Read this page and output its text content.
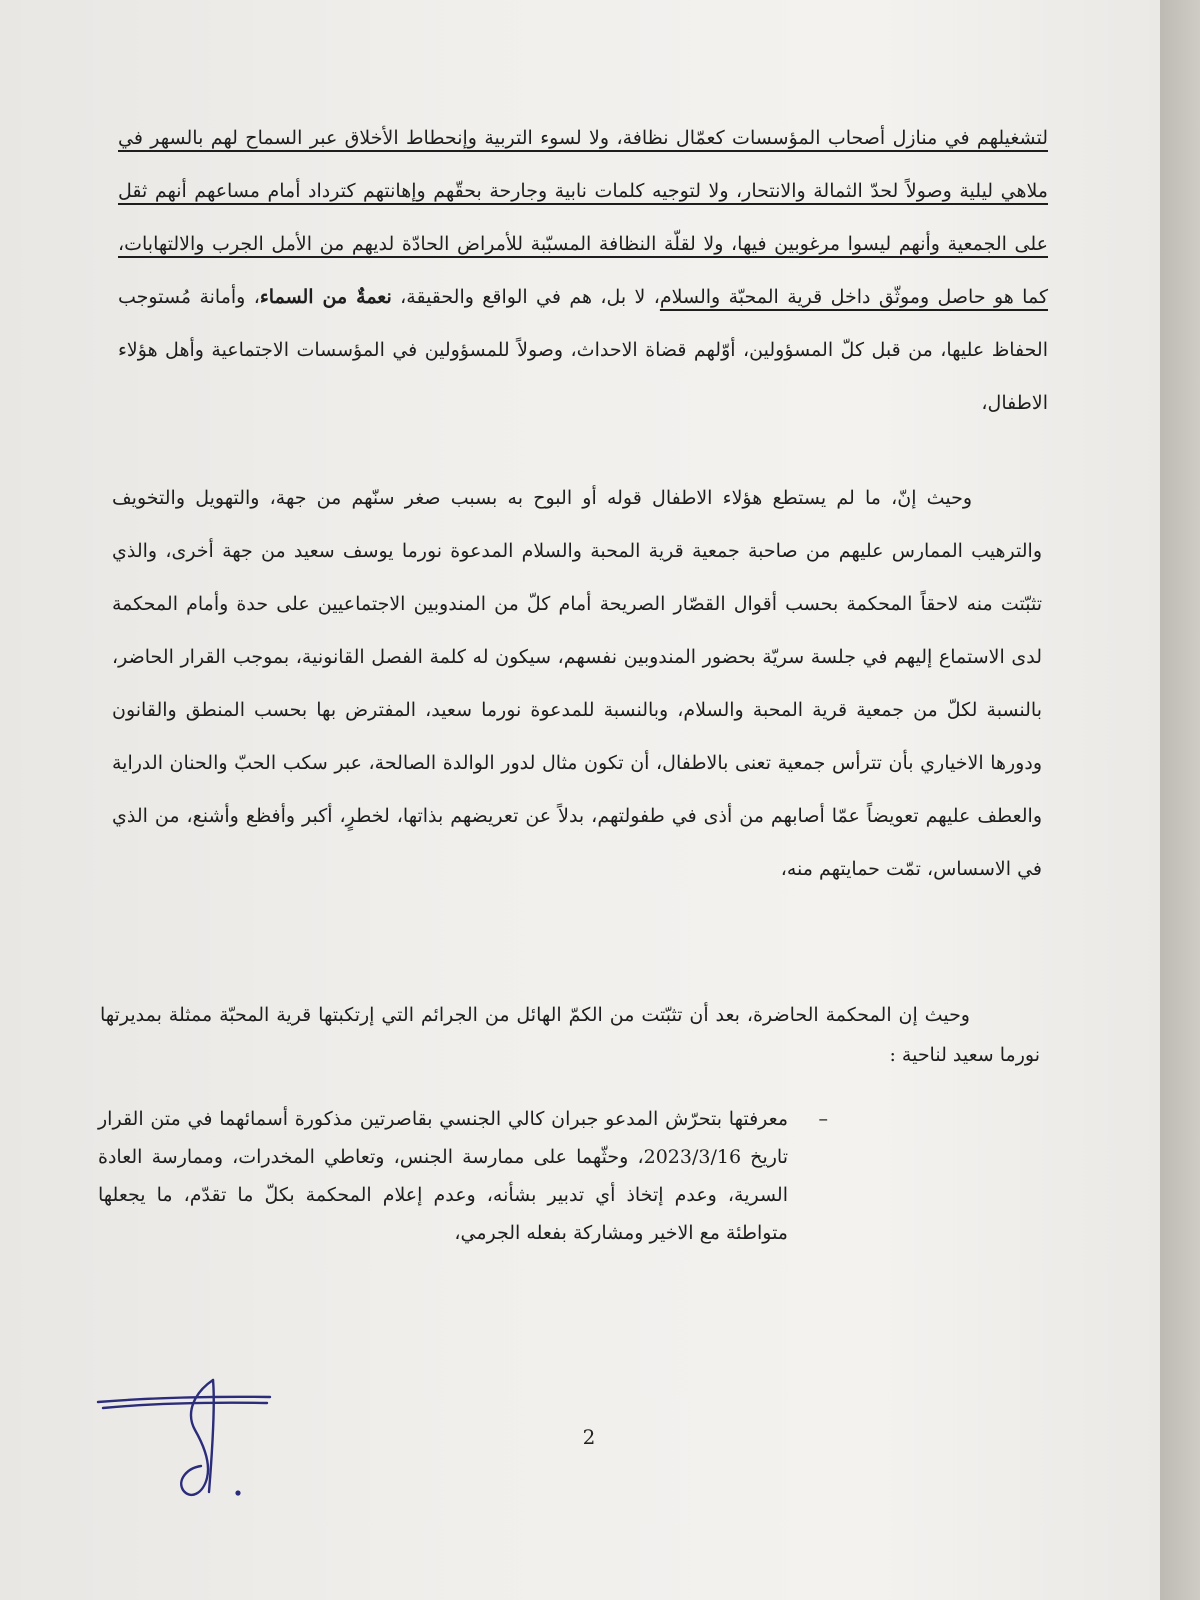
لتشغيلهم في منازل أصحاب المؤسسات كعمّال نظافة، ولا لسوء التربية وإنحطاط الأخلاق عبر السماح لهم بالسهر في ملاهي ليلية وصولاً لحدّ الثمالة والانتحار، ولا لتوجيه كلمات نابية وجارحة بحقّهم وإهانتهم كترداد أمام مساعهم أنهم ثقل على الجمعية وأنهم ليسوا مرغوبين فيها، ولا لقلّة النظافة المسبّبة للأمراض الحادّة لديهم من الأمل الجرب والالتهابات، كما هو حاصل وموثّق داخل قرية المحبّة والسلام، لا بل، هم في الواقع والحقيقة، نعمةٌ من السماء، وأمانة مُستوجب الحفاظ عليها، من قبل كلّ المسؤولين، أوّلهم قضاة الاحداث، وصولاً للمسؤولين في المؤسسات الاجتماعية وأهل هؤلاء الاطفال،

وحيث إنّ، ما لم يستطع هؤلاء الاطفال قوله أو البوح به بسبب صغر سنّهم من جهة، والتهويل والتخويف والترهيب الممارس عليهم من صاحبة جمعية قرية المحبة والسلام المدعوة نورما يوسف سعيد من جهة أخرى، والذي تثبّتت منه لاحقاً المحكمة بحسب أقوال القصّار الصريحة أمام كلّ من المندوبين الاجتماعيين على حدة وأمام المحكمة لدى الاستماع إليهم في جلسة سريّة بحضور المندوبين نفسهم، سيكون له كلمة الفصل القانونية، بموجب القرار الحاضر، بالنسبة لكلّ من جمعية قرية المحبة والسلام، وبالنسبة للمدعوة نورما سعيد، المفترض بها بحسب المنطق والقانون ودورها الاخياري بأن تترأس جمعية تعنى بالاطفال، أن تكون مثال لدور الوالدة الصالحة، عبر سكب الحبّ والحنان الدراية والعطف عليهم تعويضاً عمّا أصابهم من أذى في طفولتهم، بدلاً عن تعريضهم بذاتها، لخطرٍ، أكبر وأفظع وأشنع، من الذي في الاسساس، تمّت حمايتهم منه،

وحيث إن المحكمة الحاضرة، بعد أن تثبّتت من الكمّ الهائل من الجرائم التي إرتكبتها قرية المحبّة ممثلة بمديرتها نورما سعيد لناحية :

–

معرفتها بتحرّش المدعو جبران كالي الجنسي بقاصرتين مذكورة أسمائهما في متن القرار تاريخ 2023/3/16، وحثّهما على ممارسة الجنس، وتعاطي المخدرات، وممارسة العادة السرية، وعدم إتخاذ أي تدبير بشأنه، وعدم إعلام المحكمة بكلّ ما تقدّم، ما يجعلها متواطئة مع الاخير ومشاركة بفعله الجرمي،

2
